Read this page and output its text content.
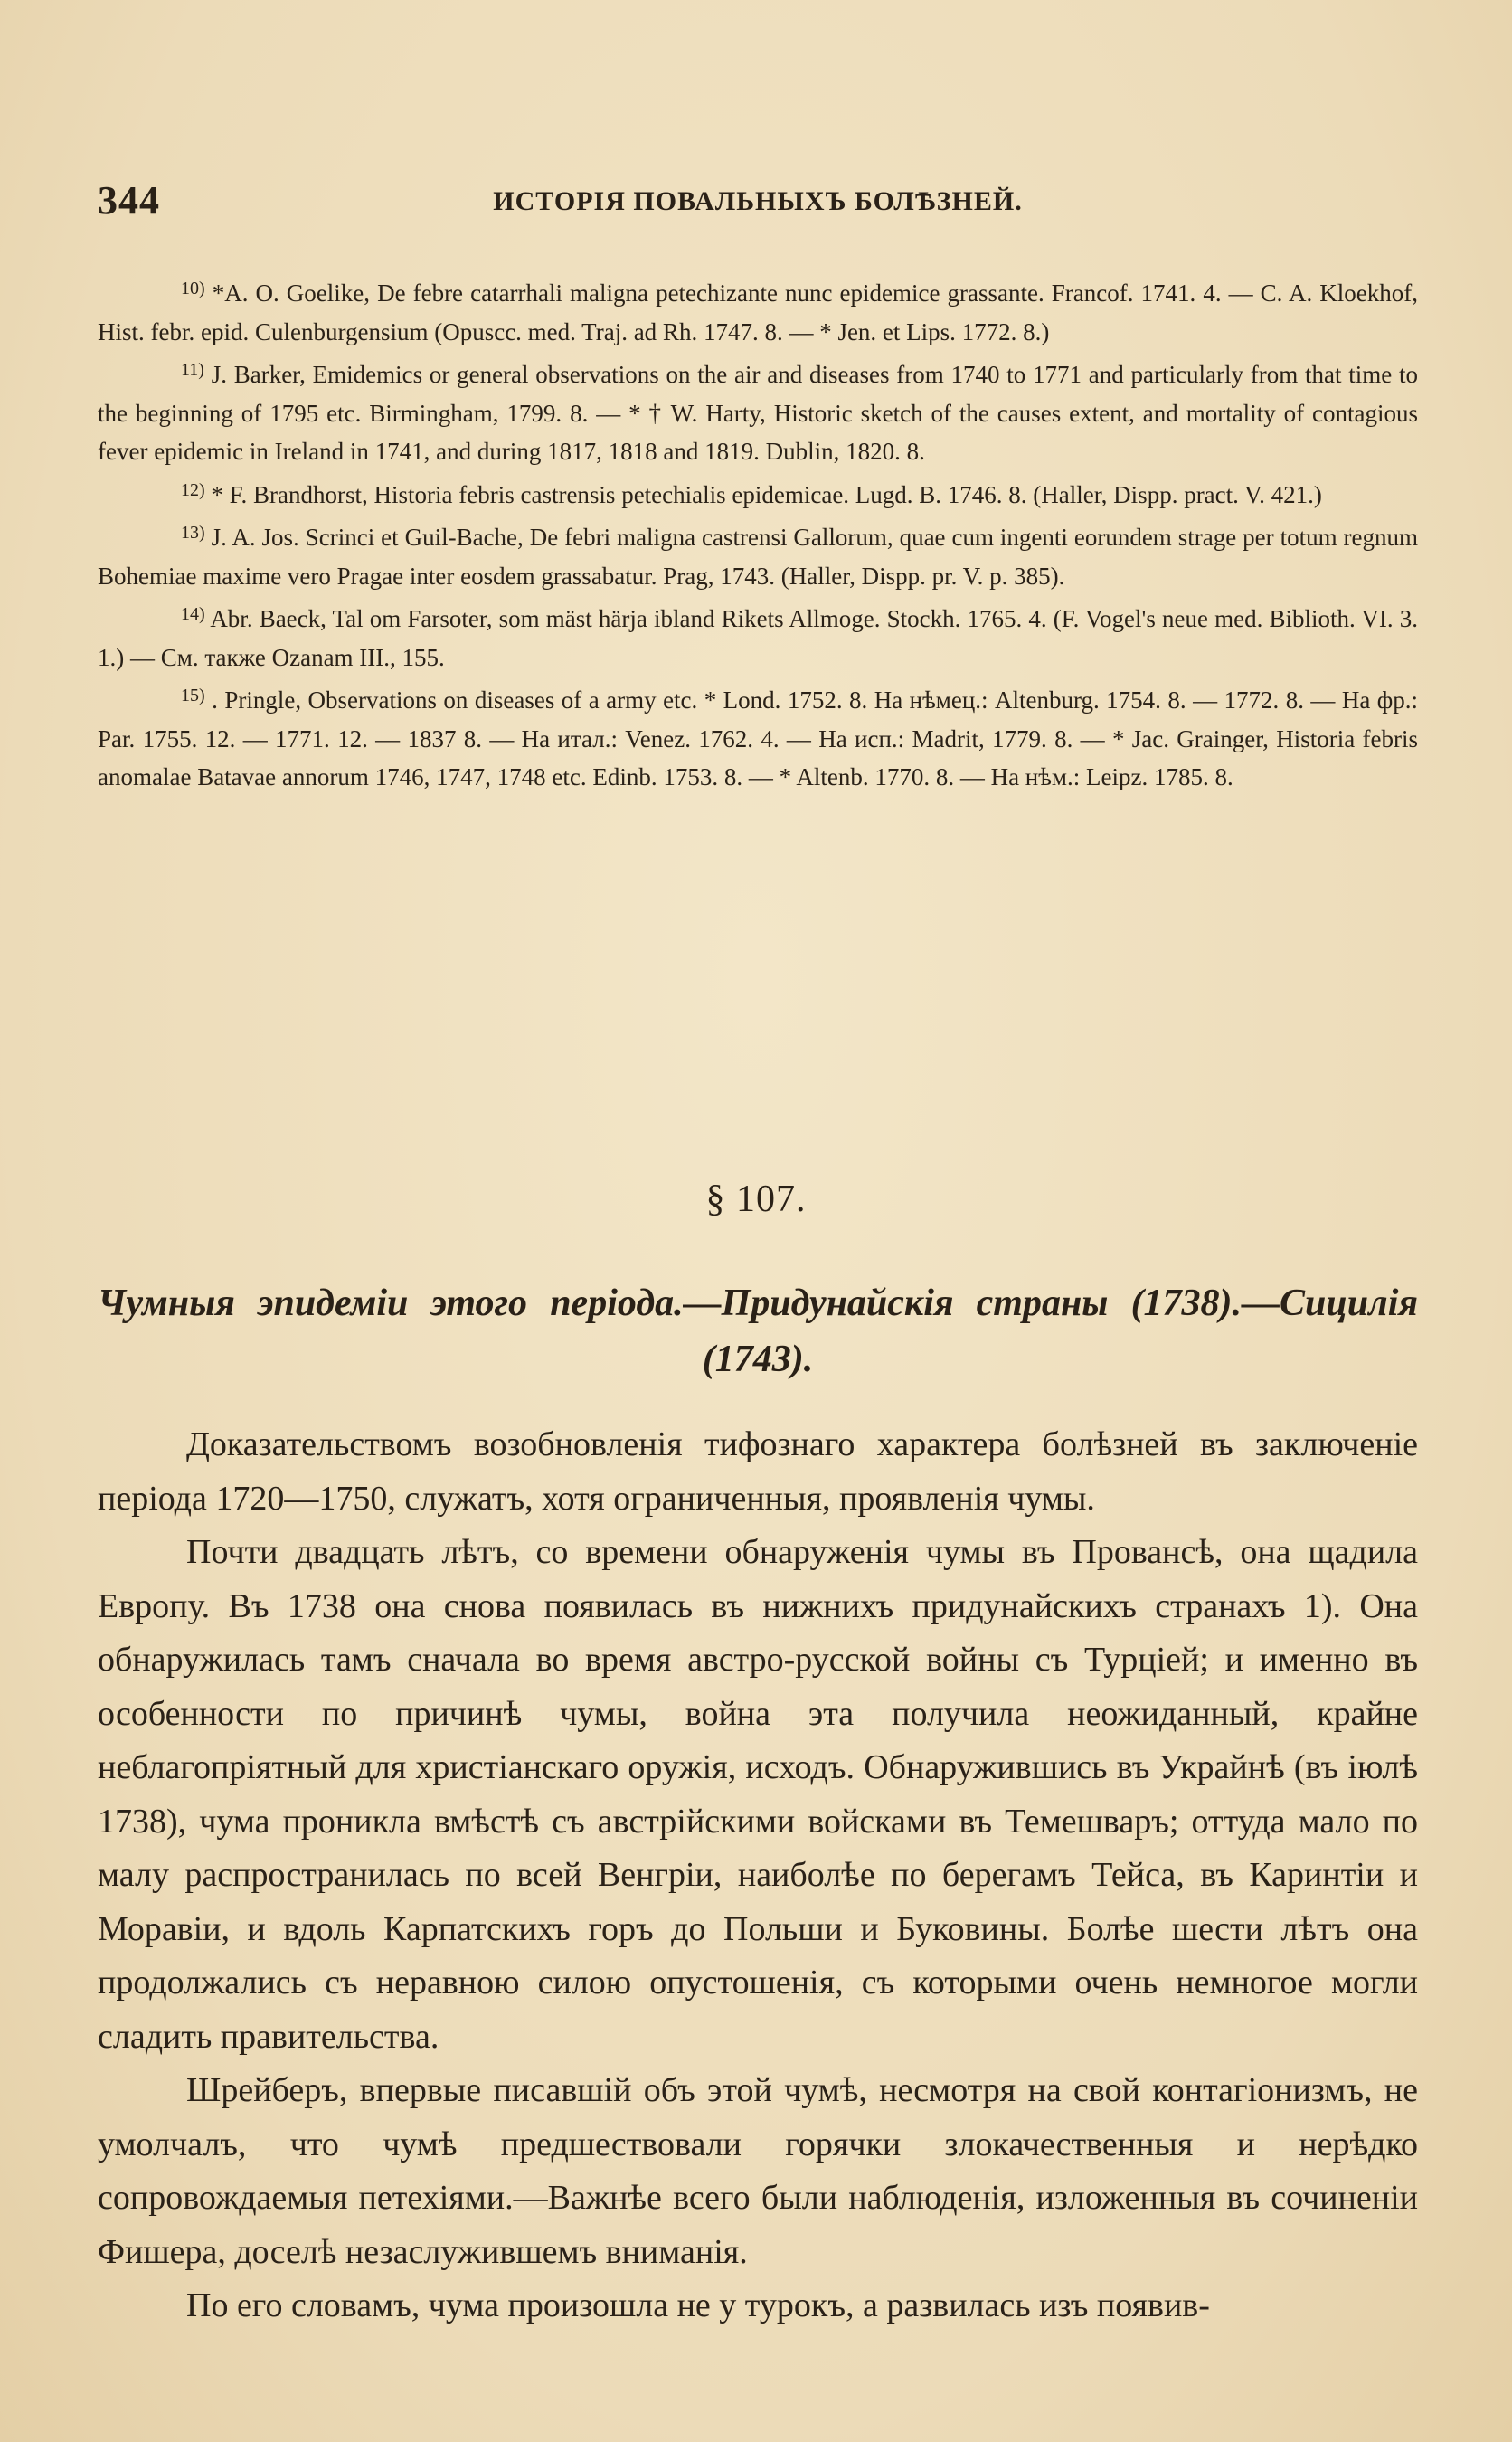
344	ИСТОРІЯ ПОВАЛЬНЫХЪ БОЛѢЗНЕЙ.

$^{10)}$ *A. O. Goelike, De febre catarrhali maligna petechizante nunc epidemice grassante. Francof. 1741. 4. — C. A. Kloekhof, Hist. febr. epid. Culenburgensium (Opuscc. med. Traj. ad Rh. 1747. 8. — * Jen. et Lips. 1772. 8.)

$^{11)}$ J. Barker, Emidemics or general observations on the air and diseases from 1740 to 1771 and particularly from that time to the beginning of 1795 etc. Birmingham, 1799. 8. — * † W. Harty, Historic sketch of the causes extent, and mortality of contagious fever epidemic in Ireland in 1741, and during 1817, 1818 and 1819. Dublin, 1820. 8.

$^{12)}$ * F. Brandhorst, Historia febris castrensis petechialis epidemicae. Lugd. B. 1746. 8. (Haller, Dispp. pract. V. 421.)

$^{13)}$ J. A. Jos. Scrinci et Guil-Bache, De febri maligna castrensi Gallorum, quae cum ingenti eorundem strage per totum regnum Bohemiae maxime vero Pragae inter eosdem grassabatur. Prag, 1743. (Haller, Dispp. pr. V. p. 385).

$^{14)}$ Abr. Baeck, Tal om Farsoter, som mäst härja ibland Rikets Allmoge. Stockh. 1765. 4. (F. Vogel's neue med. Biblioth. VI. 3. 1.) — См. также Ozanam III., 155.

$^{15)}$ . Pringle, Observations on diseases of a army etc. * Lond. 1752. 8. На нѣмец.: Altenburg. 1754. 8. — 1772. 8. — На фр.: Par. 1755. 12. — 1771. 12. — 1837 8. — На итал.: Venez. 1762. 4. — На исп.: Madrit, 1779. 8. — * Jac. Grainger, Historia febris anomalae Batavae annorum 1746, 1747, 1748 etc. Edinb. 1753. 8. — * Altenb. 1770. 8. — На нѣм.: Leipz. 1785. 8.

§ 107.
Чумныя эпидеміи этого періода.—Придунайскія страны (1738).—Сицилія (1743).

Доказательствомъ возобновленія тифознаго характера болѣзней въ заключеніе періода 1720—1750, служатъ, хотя ограниченныя, проявленія чумы.

Почти двадцать лѣтъ, со времени обнаруженія чумы въ Провансѣ, она щадила Европу. Въ 1738 она снова появилась въ нижнихъ придунайскихъ странахъ 1). Она обнаружилась тамъ сначала во время австро-русской войны съ Турціей; и именно въ особенности по причинѣ чумы, война эта получила неожиданный, крайне неблагопріятный для христіанскаго оружія, исходъ. Обнаружившись въ Украйнѣ (въ іюлѣ 1738), чума проникла вмѣстѣ съ австрійскими войсками въ Темешваръ; оттуда мало по малу распространилась по всей Венгріи, наиболѣе по берегамъ Тейса, въ Каринтіи и Моравіи, и вдоль Карпатскихъ горъ до Польши и Буковины. Болѣе шести лѣтъ она продолжались съ неравною силою опустошенія, съ которыми очень немногое могли сладить правительства.

Шрейберъ, впервые писавшій объ этой чумѣ, несмотря на свой контагіонизмъ, не умолчалъ, что чумѣ предшествовали горячки злокачественныя и нерѣдко сопровождаемыя петехіями.—Важнѣе всего были наблюденія, изложенныя въ сочиненіи Фишера, доселѣ незаслужившемъ вниманія.

По его словамъ, чума произошла не у турокъ, а развилась изъ появив-
